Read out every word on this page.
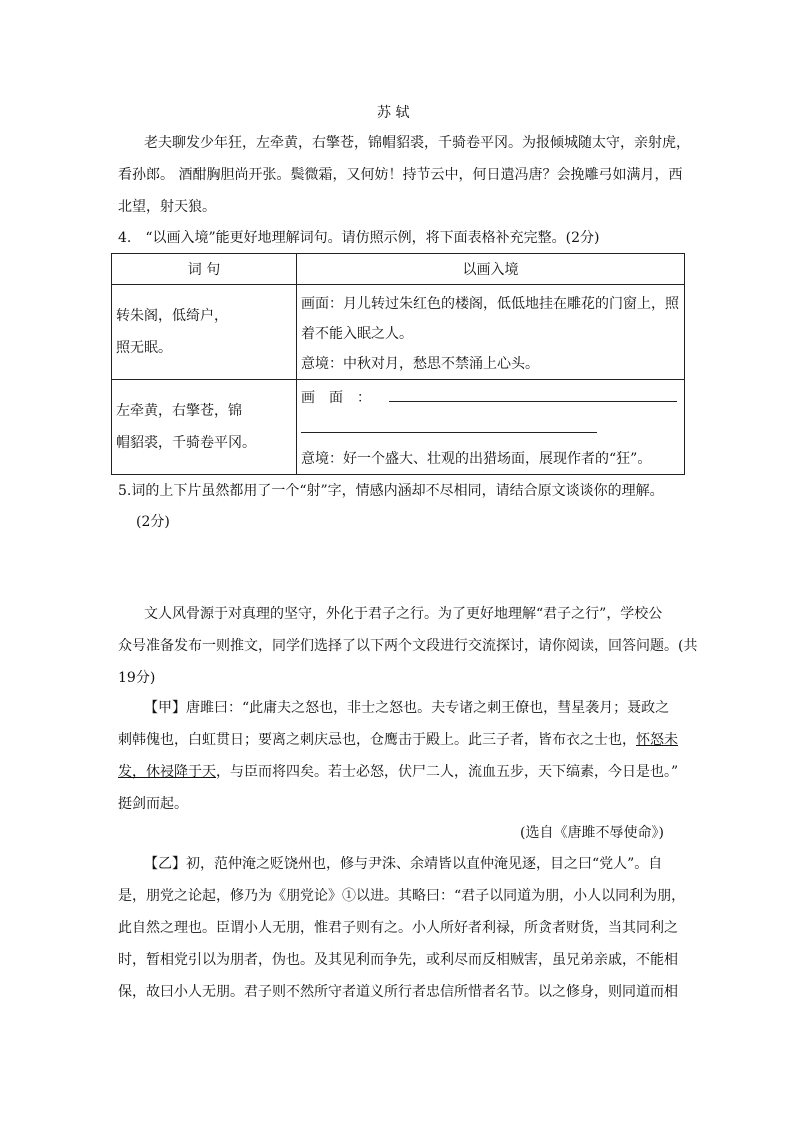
苏 轼
老夫聊发少年狂，左牵黄，右擎苍，锦帽貂裘，千骑卷平冈。为报倾城随太守，亲射虎，
看孙郎。 酒酣胸胆尚开张。鬓微霜，又何妨！持节云中，何日遣冯唐？会挽雕弓如满月，西
北望，射天狼。
4.　“以画入境”能更好地理解词句。请仿照示例，将下面表格补充完整。(2分)
词 句	以画入境

转朱阁，低绮户，
照无眠。	画面：月儿转过朱红色的楼阁，低低地挂在雕花的门窗上，照
着不能入眠之人。
意境：中秋对月，愁思不禁涌上心头。

左牵黄，右擎苍，锦
帽貂裘，千骑卷平冈。	画　面　：
意境：好一个盛大、壮观的出猎场面，展现作者的“狂”。
5.词的上下片虽然都用了一个“射”字，情感内涵却不尽相同，请结合原文谈谈你的理解。
(2分)
文人风骨源于对真理的坚守，外化于君子之行。为了更好地理解“君子之行”，学校公
众号准备发布一则推文，同学们选择了以下两个文段进行交流探讨，请你阅读，回答问题。(共
19分)
【甲】唐雎曰：“此庸夫之怒也，非士之怒也。夫专诸之刺王僚也，彗星袭月；聂政之
刺韩傀也，白虹贯日；要离之刺庆忌也，仓鹰击于殿上。此三子者，皆布衣之士也，怀怒未
发，休祲降于天，与臣而将四矣。若士必怒，伏尸二人，流血五步，天下缟素，今日是也。”
挺剑而起。
(选自《唐雎不辱使命》)
【乙】初，范仲淹之贬饶州也，修与尹洙、余靖皆以直仲淹见逐，目之曰“党人”。自
是，朋党之论起，修乃为《朋党论》①以进。其略曰：“君子以同道为朋，小人以同利为朋，
此自然之理也。臣谓小人无朋，惟君子则有之。小人所好者利禄，所贪者财货，当其同利之
时，暂相党引以为朋者，伪也。及其见利而争先，或利尽而反相贼害，虽兄弟亲戚，不能相
保，故曰小人无朋。君子则不然所守者道义所行者忠信所惜者名节。以之修身，则同道而相
